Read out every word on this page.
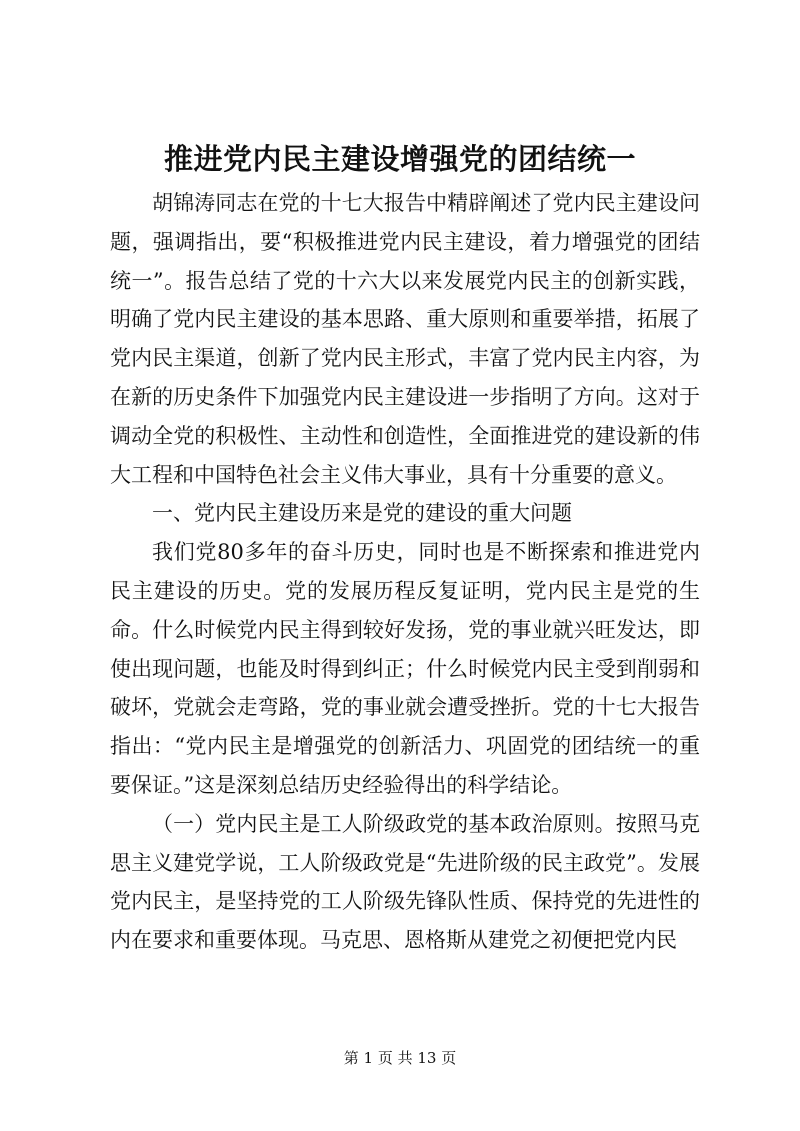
推进党内民主建设增强党的团结统一

胡锦涛同志在党的十七大报告中精辟阐述了党内民主建设问题，强调指出，要“积极推进党内民主建设，着力增强党的团结统一”。报告总结了党的十六大以来发展党内民主的创新实践，明确了党内民主建设的基本思路、重大原则和重要举措，拓展了党内民主渠道，创新了党内民主形式，丰富了党内民主内容，为在新的历史条件下加强党内民主建设进一步指明了方向。这对于调动全党的积极性、主动性和创造性，全面推进党的建设新的伟大工程和中国特色社会主义伟大事业，具有十分重要的意义。

一、党内民主建设历来是党的建设的重大问题

我们党80多年的奋斗历史，同时也是不断探索和推进党内民主建设的历史。党的发展历程反复证明，党内民主是党的生命。什么时候党内民主得到较好发扬，党的事业就兴旺发达，即使出现问题，也能及时得到纠正；什么时候党内民主受到削弱和破坏，党就会走弯路，党的事业就会遭受挫折。党的十七大报告指出：“党内民主是增强党的创新活力、巩固党的团结统一的重要保证。”这是深刻总结历史经验得出的科学结论。

（一）党内民主是工人阶级政党的基本政治原则。按照马克思主义建党学说，工人阶级政党是“先进阶级的民主政党”。发展党内民主，是坚持党的工人阶级先锋队性质、保持党的先进性的内在要求和重要体现。马克思、恩格斯从建党之初便把党内民

第 1 页 共 13 页
